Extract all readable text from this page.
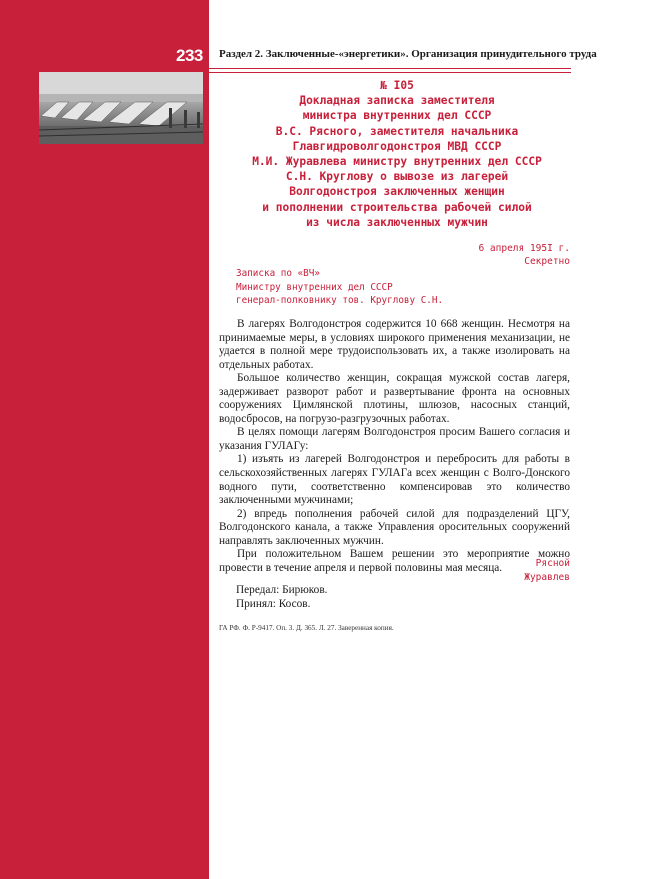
233 Раздел 2. Заключенные-«энергетики». Организация принудительного труда
№ I05
Докладная записка заместителя
министра внутренних дел СССР
В.С. Рясного, заместителя начальника
Главгидроволгодонстроя МВД СССР
М.И. Журавлева министру внутренних дел СССР
С.Н. Круглову о вывозе из лагерей
Волгодонстроя заключенных женщин
и пополнении строительства рабочей силой
из числа заключенных мужчин
6 апреля 195I г.
Секретно
Записка по «ВЧ»
Министру внутренних дел СССР
генерал-полковнику тов. Круглову С.Н.

В лагерях Волгодонстроя содержится 10 668 женщин. Несмотря на принимаемые меры, в условиях широкого применения механизации, не удается в полной мере трудоиспользовать их, а также изолировать на отдельных работах.

Большое количество женщин, сокращая мужской состав лагеря, задерживает разворот работ и развертывание фронта на основных сооружениях Цимлянской плотины, шлюзов, насосных станций, водосбросов, на погрузо-разгрузочных работах.

В целях помощи лагерям Волгодонстроя просим Вашего согласия и указания ГУЛАГу:

1) изъять из лагерей Волгодонстроя и перебросить для работы в сельскохозяйственных лагерях ГУЛАГа всех женщин с Волго-Донского водного пути, соответственно компенсировав это количество заключенными мужчинами;

2) впредь пополнения рабочей силой для подразделений ЦГУ, Волгодонского канала, а также Управления оросительных сооружений направлять заключенных мужчин.

При положительном Вашем решении это мероприятие можно провести в течение апреля и первой половины мая месяца.	Рясной
Журавлев
Передал: Бирюков.
Принял: Косов.
ГА РФ. Ф. Р-9417. Оп. 3. Д. 365. Л. 27. Заверенная копия.
